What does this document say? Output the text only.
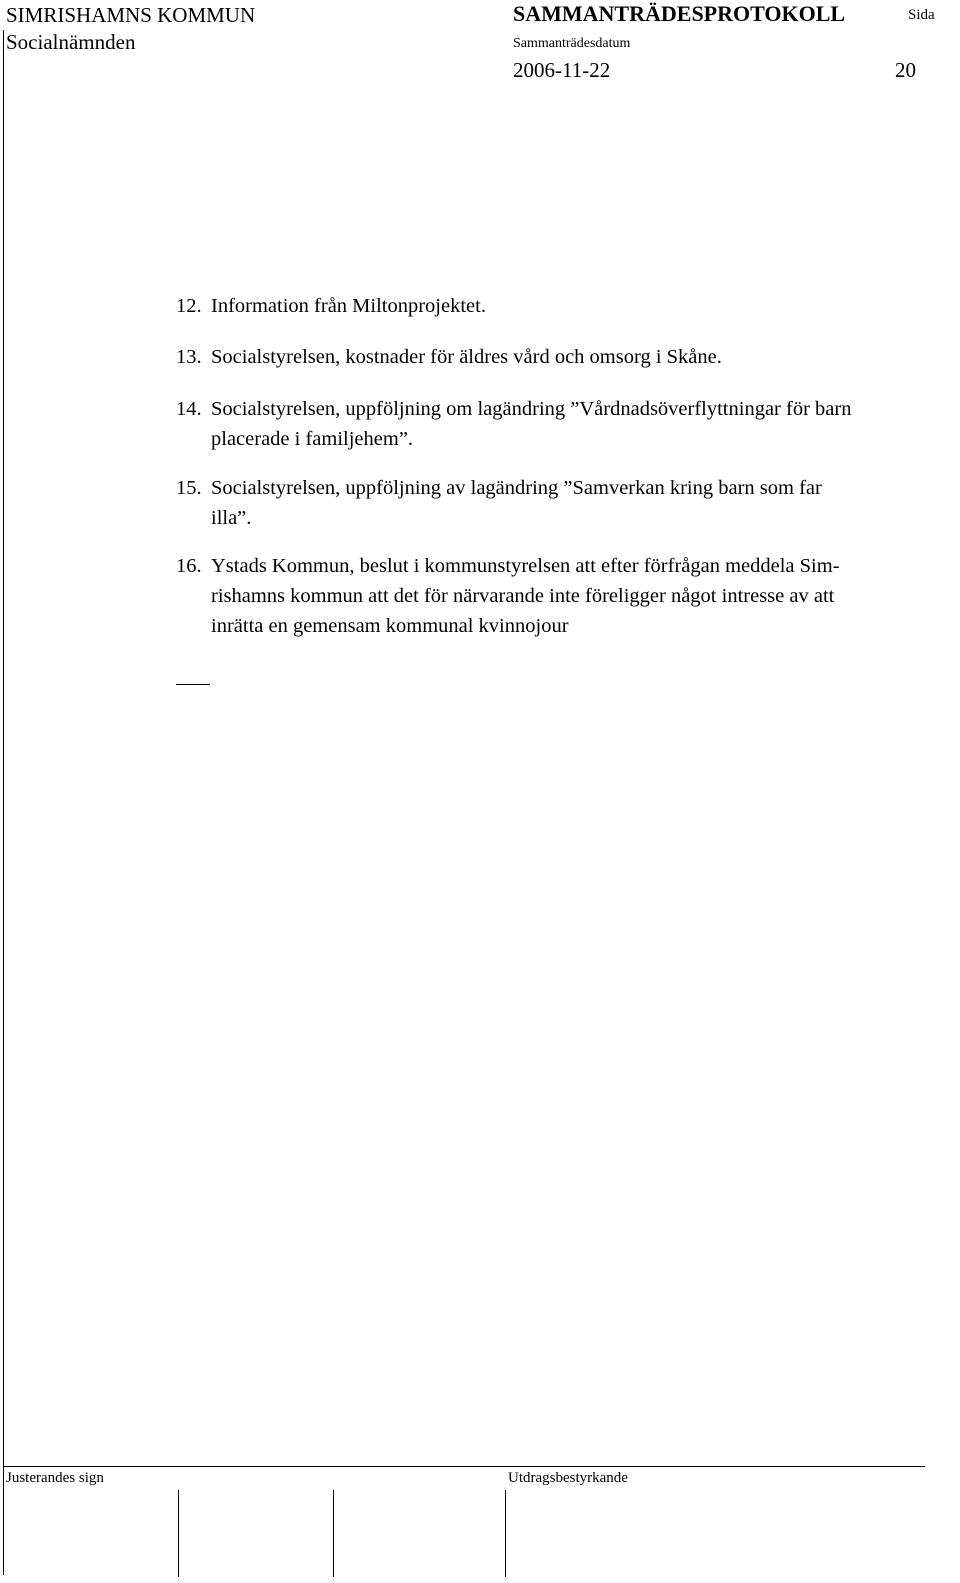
SIMRISHAMNS KOMMUN
Socialnämnden
SAMMANTRÄDESPROTOKOLL	Sida
Sammanträdesdatum
2006-11-22	20
12. Information från Miltonprojektet.
13. Socialstyrelsen, kostnader för äldres vård och omsorg i Skåne.
14. Socialstyrelsen, uppföljning om lagändring ”Vårdnadsöverflyttningar för barn
placerade i familjehem”.
15. Socialstyrelsen, uppföljning av lagändring ”Samverkan kring barn som far
illa”.
16. Ystads Kommun, beslut i kommunstyrelsen att efter förfrågan meddela Sim-
rishamns kommun att det för närvarande inte föreligger något intresse av att
inrätta en gemensam kommunal kvinnojour
Justerandes sign	Utdragsbestyrkande
